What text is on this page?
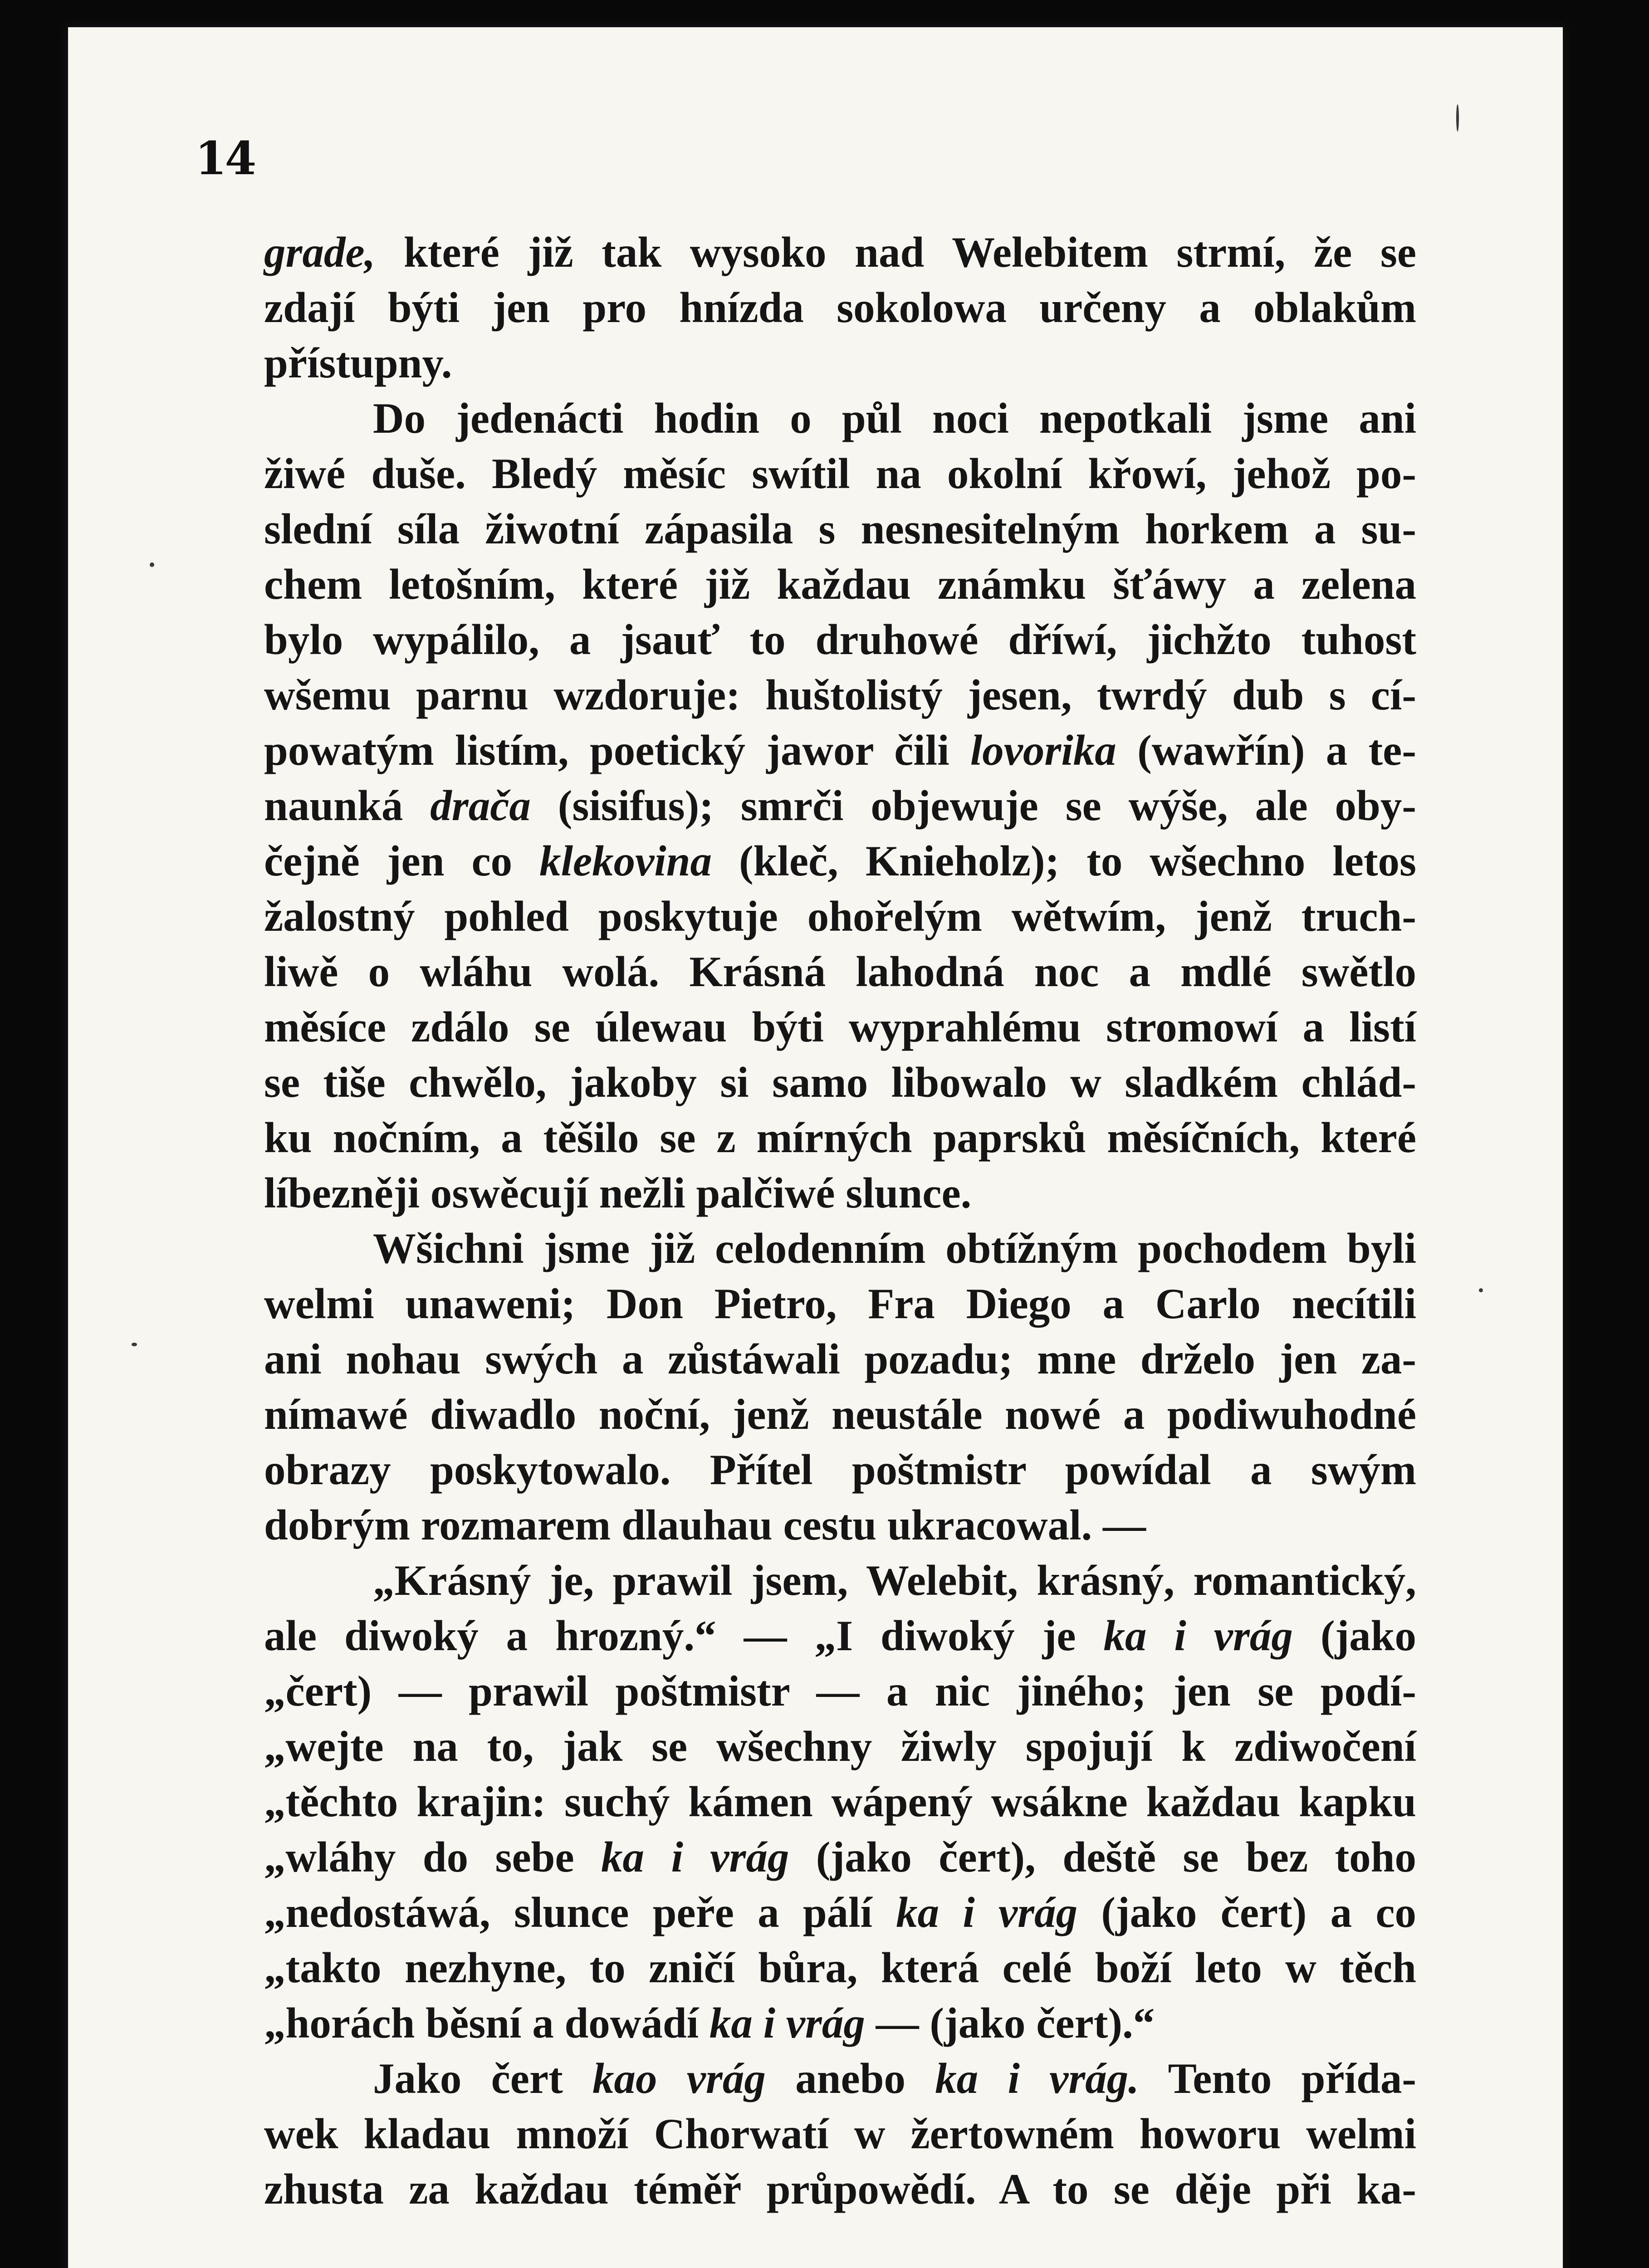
14
grade, které již tak wysoko nad Welebitem strmí, že se
zdají býti jen pro hnízda sokolowa určeny a oblakům
přístupny.
Do jedenácti hodin o půl noci nepotkali jsme ani
žiwé duše. Bledý měsíc swítil na okolní křowí, jehož po-
slední síla žiwotní zápasila s nesnesitelným horkem a su-
chem letošním, které již každau známku šťáwy a zelena
bylo wypálilo, a jsauť to druhowé dříwí, jichžto tuhost
wšemu parnu wzdoruje: huštolistý jesen, twrdý dub s cí-
powatým listím, poetický jawor čili lovorika (wawřín) a te-
naunká drača (sisifus); smrči objewuje se wýše, ale oby-
čejně jen co klekovina (kleč, Knieholz); to wšechno letos
žalostný pohled poskytuje ohořelým wětwím, jenž truch-
liwě o wláhu wolá. Krásná lahodná noc a mdlé swětlo
měsíce zdálo se úlewau býti wyprahlému stromowí a listí
se tiše chwělo, jakoby si samo libowalo w sladkém chlád-
ku nočním, a těšilo se z mírných paprsků měsíčních, které
líbezněji oswěcují nežli palčiwé slunce.
Wšichni jsme již celodenním obtížným pochodem byli
welmi unaweni; Don Pietro, Fra Diego a Carlo necítili
ani nohau swých a zůstáwali pozadu; mne drželo jen za-
nímawé diwadlo noční, jenž neustále nowé a podiwuhodné
obrazy poskytowalo. Přítel poštmistr powídal a swým
dobrým rozmarem dlauhau cestu ukracowal. —
„Krásný je, prawil jsem, Welebit, krásný, romantický,
ale diwoký a hrozný.“ — „I diwoký je ka i vrág (jako
„čert) — prawil poštmistr — a nic jiného; jen se podí-
„wejte na to, jak se wšechny žiwly spojují k zdiwočení
„těchto krajin: suchý kámen wápený wsákne každau kapku
„wláhy do sebe ka i vrág (jako čert), deště se bez toho
„nedostáwá, slunce peře a pálí ka i vrág (jako čert) a co
„takto nezhyne, to zničí bůra, která celé boží leto w těch
„horách běsní a dowádí ka i vrág — (jako čert).“
Jako čert kao vrág anebo ka i vrág. Tento přída-
wek kladau množí Chorwatí w žertowném howoru welmi
zhusta za každau téměř průpowědí. A to se děje při ka-
